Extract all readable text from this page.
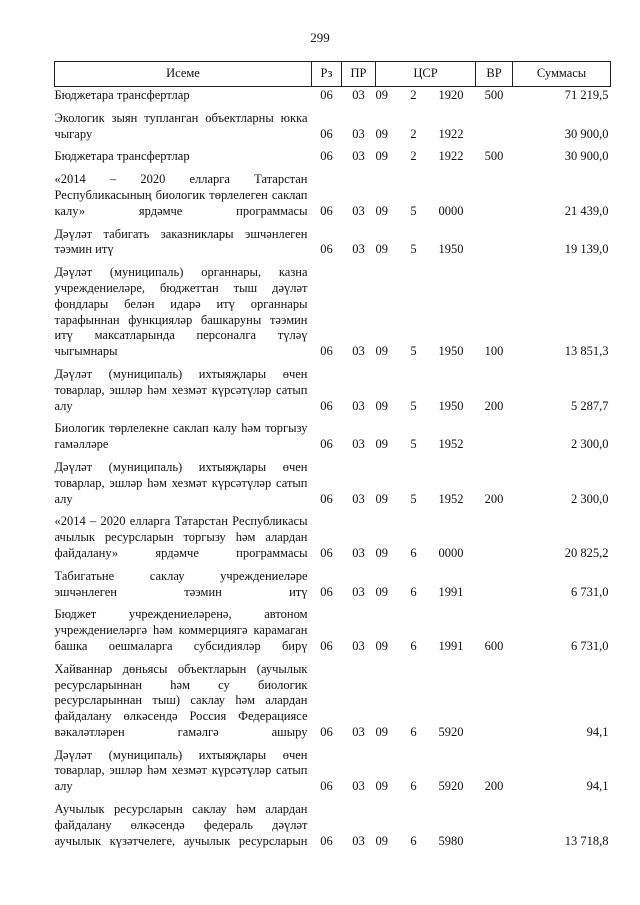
299
Исеме	Рз	ПР	ЦСР			ВР	Суммасы
Бюджетара трансфертлар	06	03	09	2	1920	500	71 219,5
Экологик зыян тупланган объектларны юкка чыгару	06	03	09	2	1922		30 900,0
Бюджетара трансфертлар	06	03	09	2	1922	500	30 900,0
«2014 – 2020 елларга Татарстан Республикасының биологик төрлелеген саклап калу» ярдәмче программасы	06	03	09	5	0000		21 439,0
Дәүләт табигать заказниклары эшчәнлеген тәэмин итү	06	03	09	5	1950		19 139,0
Дәүләт (муниципаль) органнары, казна учреждениеләре, бюджеттан тыш дәүләт фондлары белән идарә итү органнары тарафыннан функцияләр башкаруны тәэмин итү максатларында персоналга түләү чыгымнары	06	03	09	5	1950	100	13 851,3
Дәүләт (муниципаль) ихтыяҗлары өчен товарлар, эшләр һәм хезмәт күрсәтүләр сатып алу	06	03	09	5	1950	200	5 287,7
Биологик төрлелекне саклап калу һәм торгызу гамәлләре	06	03	09	5	1952		2 300,0
Дәүләт (муниципаль) ихтыяҗлары өчен товарлар, эшләр һәм хезмәт күрсәтүләр сатып алу	06	03	09	5	1952	200	2 300,0
«2014 – 2020 елларга Татарстан Республикасы ачылык ресурсларын торгызу һәм алардан файдалану» ярдәмче программасы	06	03	09	6	0000		20 825,2
Табигатьне саклау учреждениеләре эшчәнлеген тәэмин итү	06	03	09	6	1991		6 731,0
Бюджет учреждениеләренә, автоном учреждениеләргә һәм коммерциягә карамаган башка оешмаларга субсидияләр бирү	06	03	09	6	1991	600	6 731,0
Хайваннар дөньясы объектларын (аучылык ресурсларыннан һәм су биологик ресурсларыннан тыш) саклау һәм алардан файдалану өлкәсендә Россия Федерациясе вәкаләтләрен гамәлгә ашыру	06	03	09	6	5920		94,1
Дәүләт (муниципаль) ихтыяҗлары өчен товарлар, эшләр һәм хезмәт күрсәтүләр сатып алу	06	03	09	6	5920	200	94,1
Аучылык ресурсларын саклау һәм алардан файдалану өлкәсендә федераль дәүләт аучылык күзәтчелеге, аучылык ресурсларын	06	03	09	6	5980		13 718,8
